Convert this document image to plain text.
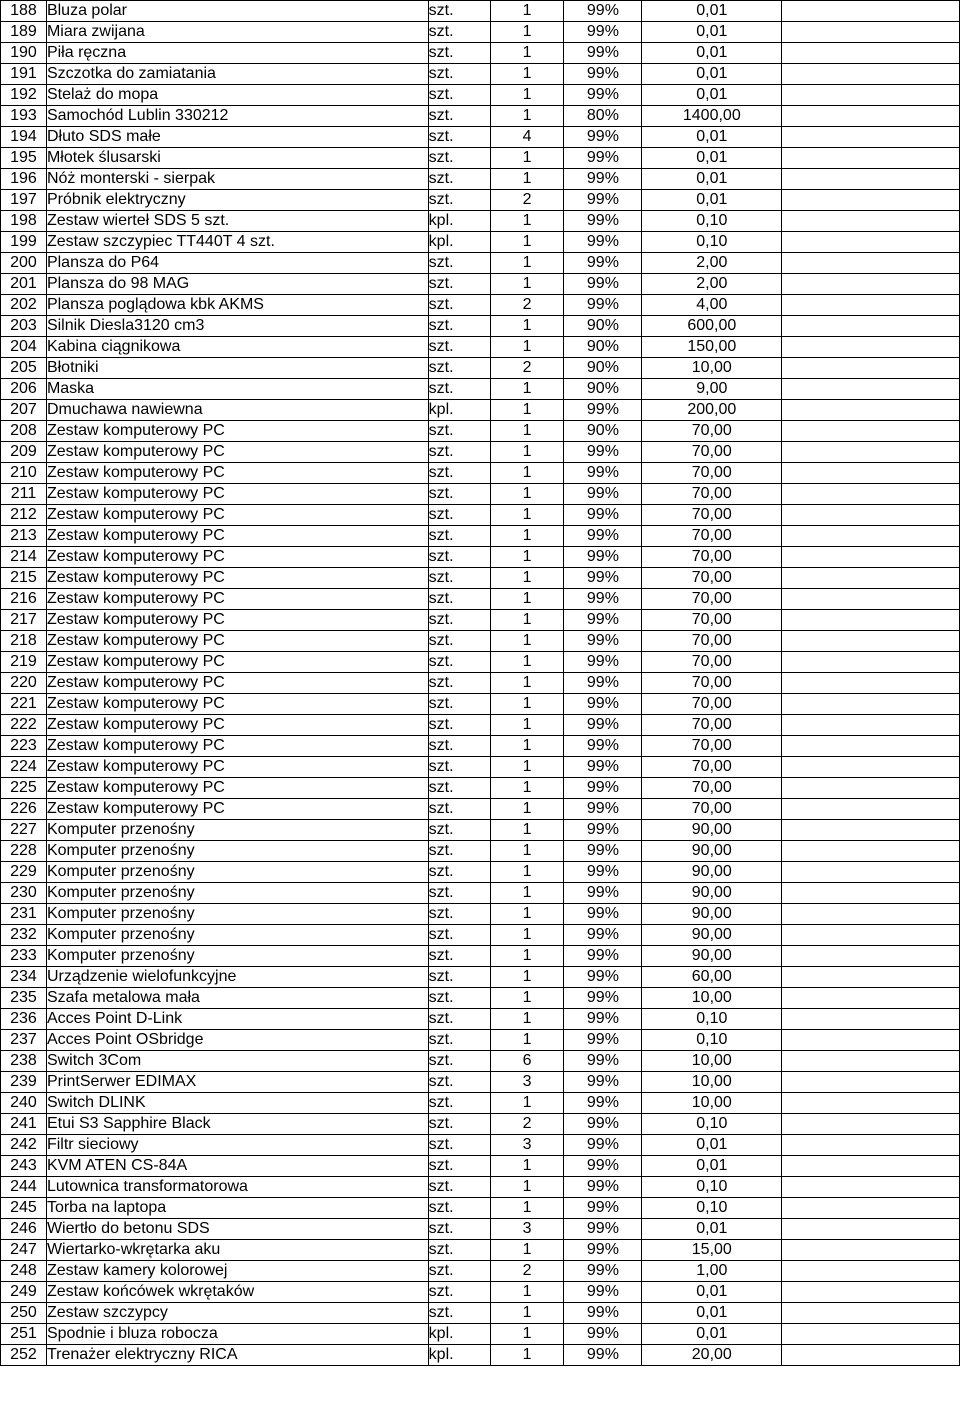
188	Bluza polar	szt.	1	99%	0,01	
189	Miara zwijana	szt.	1	99%	0,01	
190	Piła ręczna	szt.	1	99%	0,01	
191	Szczotka do zamiatania	szt.	1	99%	0,01	
192	Stelaż do mopa	szt.	1	99%	0,01	
193	Samochód Lublin 330212	szt.	1	80%	1400,00	
194	Dłuto SDS małe	szt.	4	99%	0,01	
195	Młotek ślusarski	szt.	1	99%	0,01	
196	Nóż monterski - sierpak	szt.	1	99%	0,01	
197	Próbnik elektryczny	szt.	2	99%	0,01	
198	Zestaw wierteł SDS 5 szt.	kpl.	1	99%	0,10	
199	Zestaw szczypiec TT440T 4 szt.	kpl.	1	99%	0,10	
200	Plansza do P64	szt.	1	99%	2,00	
201	Plansza do 98 MAG	szt.	1	99%	2,00	
202	Plansza poglądowa kbk AKMS	szt.	2	99%	4,00	
203	Silnik Diesla3120 cm3	szt.	1	90%	600,00	
204	Kabina ciągnikowa	szt.	1	90%	150,00	
205	Błotniki	szt.	2	90%	10,00	
206	Maska	szt.	1	90%	9,00	
207	Dmuchawa nawiewna	kpl.	1	99%	200,00	
208	Zestaw komputerowy PC	szt.	1	90%	70,00	
209	Zestaw komputerowy PC	szt.	1	99%	70,00	
210	Zestaw komputerowy PC	szt.	1	99%	70,00	
211	Zestaw komputerowy PC	szt.	1	99%	70,00	
212	Zestaw komputerowy PC	szt.	1	99%	70,00	
213	Zestaw komputerowy PC	szt.	1	99%	70,00	
214	Zestaw komputerowy PC	szt.	1	99%	70,00	
215	Zestaw komputerowy PC	szt.	1	99%	70,00	
216	Zestaw komputerowy PC	szt.	1	99%	70,00	
217	Zestaw komputerowy PC	szt.	1	99%	70,00	
218	Zestaw komputerowy PC	szt.	1	99%	70,00	
219	Zestaw komputerowy PC	szt.	1	99%	70,00	
220	Zestaw komputerowy PC	szt.	1	99%	70,00	
221	Zestaw komputerowy PC	szt.	1	99%	70,00	
222	Zestaw komputerowy PC	szt.	1	99%	70,00	
223	Zestaw komputerowy PC	szt.	1	99%	70,00	
224	Zestaw komputerowy PC	szt.	1	99%	70,00	
225	Zestaw komputerowy PC	szt.	1	99%	70,00	
226	Zestaw komputerowy PC	szt.	1	99%	70,00	
227	Komputer przenośny	szt.	1	99%	90,00	
228	Komputer przenośny	szt.	1	99%	90,00	
229	Komputer przenośny	szt.	1	99%	90,00	
230	Komputer przenośny	szt.	1	99%	90,00	
231	Komputer przenośny	szt.	1	99%	90,00	
232	Komputer przenośny	szt.	1	99%	90,00	
233	Komputer przenośny	szt.	1	99%	90,00	
234	Urządzenie wielofunkcyjne	szt.	1	99%	60,00	
235	Szafa metalowa mała	szt.	1	99%	10,00	
236	Acces Point D-Link	szt.	1	99%	0,10	
237	Acces Point OSbridge	szt.	1	99%	0,10	
238	Switch 3Com	szt.	6	99%	10,00	
239	PrintSerwer EDIMAX	szt.	3	99%	10,00	
240	Switch DLINK	szt.	1	99%	10,00	
241	Etui S3 Sapphire Black	szt.	2	99%	0,10	
242	Filtr sieciowy	szt.	3	99%	0,01	
243	KVM ATEN CS-84A	szt.	1	99%	0,01	
244	Lutownica transformatorowa	szt.	1	99%	0,10	
245	Torba na laptopa	szt.	1	99%	0,10	
246	Wiertło do betonu SDS	szt.	3	99%	0,01	
247	Wiertarko-wkrętarka aku	szt.	1	99%	15,00	
248	Zestaw kamery kolorowej	szt.	2	99%	1,00	
249	Zestaw końcówek wkrętaków	szt.	1	99%	0,01	
250	Zestaw szczypcy	szt.	1	99%	0,01	
251	Spodnie i bluza robocza	kpl.	1	99%	0,01	
252	Trenażer elektryczny RICA	kpl.	1	99%	20,00	
